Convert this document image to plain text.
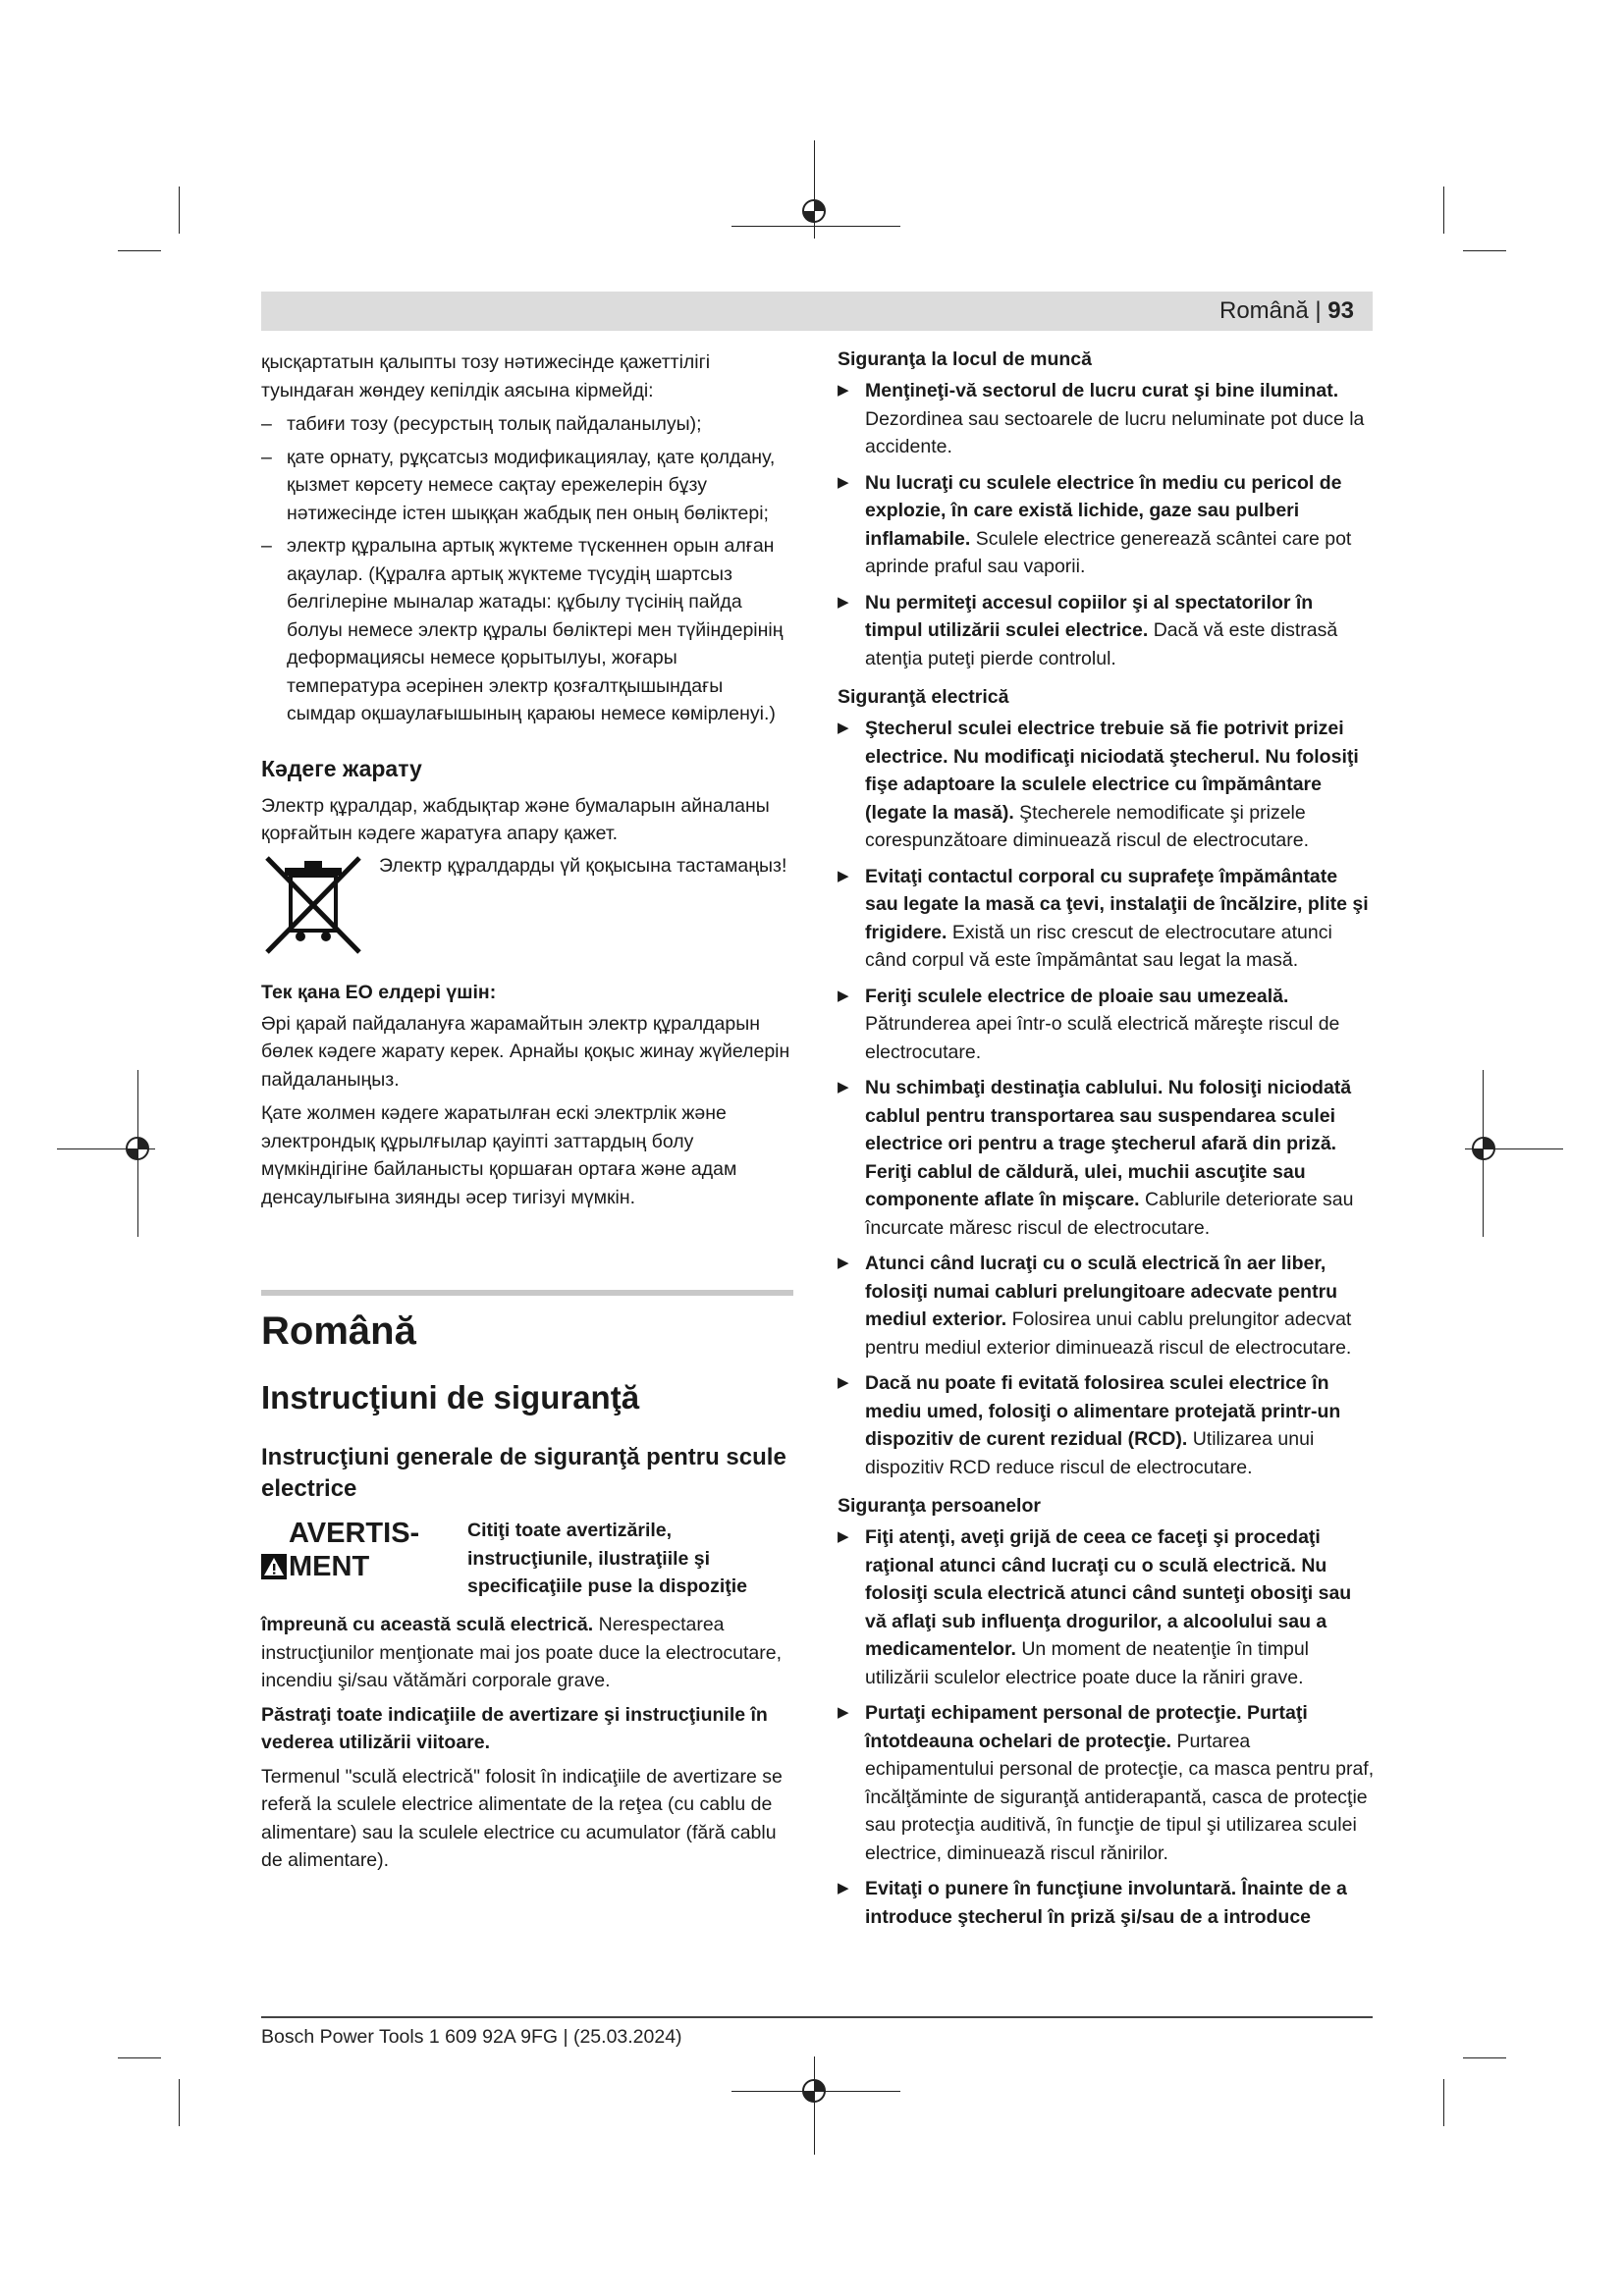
Română | 93

қысқартатын қалыпты тозу нәтижесінде қажеттілігі туындаған жөндеу кепілдік аясына кірмейді:

– табиғи тозу (ресурстың толық пайдаланылуы);
– қате орнату, рұқсатсыз модификациялау, қате қолдану, қызмет көрсету немесе сақтау ережелерін бұзу нәтижесінде істен шыққан жабдық пен оның бөліктері;
– электр құралына артық жүктеме түскеннен орын алған ақаулар. (Құралға артық жүктеме түсудің шартсыз белгілеріне мыналар жатады: құбылу түсінің пайда болуы немесе электр құралы бөліктері мен түйіндерінің деформациясы немесе қорытылуы, жоғары температура әсерінен электр қозғалтқышындағы сымдар оқшаулағышының қараюы немесе көмірленуі.)
Кәдеге жарату

Электр құралдар, жабдықтар және бумаларын айналаны қорғайтын кәдеге жаратуға апару қажет.

Электр құралдарды үй қоқысына тастамаңыз!

Тек қана ЕО елдері үшін:

Әрі қарай пайдалануға жарамайтын электр құралдарын бөлек кәдеге жарату керек. Арнайы қоқыс жинау жүйелерін пайдаланыңыз.

Қате жолмен кәдеге жаратылған ескі электрлік және электрондық құрылғылар қауіпті заттардың болу мүмкіндігіне байланысты қоршаған ортаға және адам денсаулығына зиянды әсер тигізуі мүмкін.

Română
Instrucţiuni de siguranţă
Instrucţiuni generale de siguranţă pentru scule electrice
AVERTIS-MENT
Citiţi toate avertizările, instrucţiunile, ilustraţiile şi specificaţiile puse la dispoziţie

împreună cu această sculă electrică. Nerespectarea instrucţiunilor menţionate mai jos poate duce la electrocutare, incendiu şi/sau vătămări corporale grave.

Păstraţi toate indicaţiile de avertizare şi instrucţiunile în vederea utilizării viitoare.

Termenul "sculă electrică" folosit în indicaţiile de avertizare se referă la sculele electrice alimentate de la reţea (cu cablu de alimentare) sau la sculele electrice cu acumulator (fără cablu de alimentare).

Siguranţa la locul de muncă
▶ Menţineţi-vă sectorul de lucru curat şi bine iluminat. Dezordinea sau sectoarele de lucru neluminate pot duce la accidente.
▶ Nu lucraţi cu sculele electrice în mediu cu pericol de explozie, în care există lichide, gaze sau pulberi inflamabile. Sculele electrice generează scântei care pot aprinde praful sau vaporii.
▶ Nu permiteţi accesul copiilor şi al spectatorilor în timpul utilizării sculei electrice. Dacă vă este distrasă atenţia puteţi pierde controlul.
Siguranţă electrică
▶ Ştecherul sculei electrice trebuie să fie potrivit prizei electrice. Nu modificaţi niciodată ştecherul. Nu folosiţi fişe adaptoare la sculele electrice cu împământare (legate la masă). Ştecherele nemodificate şi prizele corespunzătoare diminuează riscul de electrocutare.
▶ Evitaţi contactul corporal cu suprafeţe împământate sau legate la masă ca ţevi, instalaţii de încălzire, plite şi frigidere. Există un risc crescut de electrocutare atunci când corpul vă este împământat sau legat la masă.
▶ Feriţi sculele electrice de ploaie sau umezeală. Pătrunderea apei într-o sculă electrică măreşte riscul de electrocutare.
▶ Nu schimbaţi destinaţia cablului. Nu folosiţi niciodată cablul pentru transportarea sau suspendarea sculei electrice ori pentru a trage ştecherul afară din priză. Feriţi cablul de căldură, ulei, muchii ascuţite sau componente aflate în mişcare. Cablurile deteriorate sau încurcate măresc riscul de electrocutare.
▶ Atunci când lucraţi cu o sculă electrică în aer liber, folosiţi numai cabluri prelungitoare adecvate pentru mediul exterior. Folosirea unui cablu prelungitor adecvat pentru mediul exterior diminuează riscul de electrocutare.
▶ Dacă nu poate fi evitată folosirea sculei electrice în mediu umed, folosiţi o alimentare protejată printr-un dispozitiv de curent rezidual (RCD). Utilizarea unui dispozitiv RCD reduce riscul de electrocutare.
Siguranţa persoanelor
▶ Fiţi atenţi, aveţi grijă de ceea ce faceţi şi procedaţi raţional atunci când lucraţi cu o sculă electrică. Nu folosiţi scula electrică atunci când sunteţi obosiţi sau vă aflaţi sub influenţa drogurilor, a alcoolului sau a medicamentelor. Un moment de neatenţie în timpul utilizării sculelor electrice poate duce la răniri grave.
▶ Purtaţi echipament personal de protecţie. Purtaţi întotdeauna ochelari de protecţie. Purtarea echipamentului personal de protecţie, ca masca pentru praf, încălţăminte de siguranţă antiderapantă, casca de protecţie sau protecţia auditivă, în funcţie de tipul şi utilizarea sculei electrice, diminuează riscul rănirilor.
▶ Evitaţi o punere în funcţiune involuntară. Înainte de a introduce ştecherul în priză şi/sau de a introduce
Bosch Power Tools 1 609 92A 9FG | (25.03.2024)
